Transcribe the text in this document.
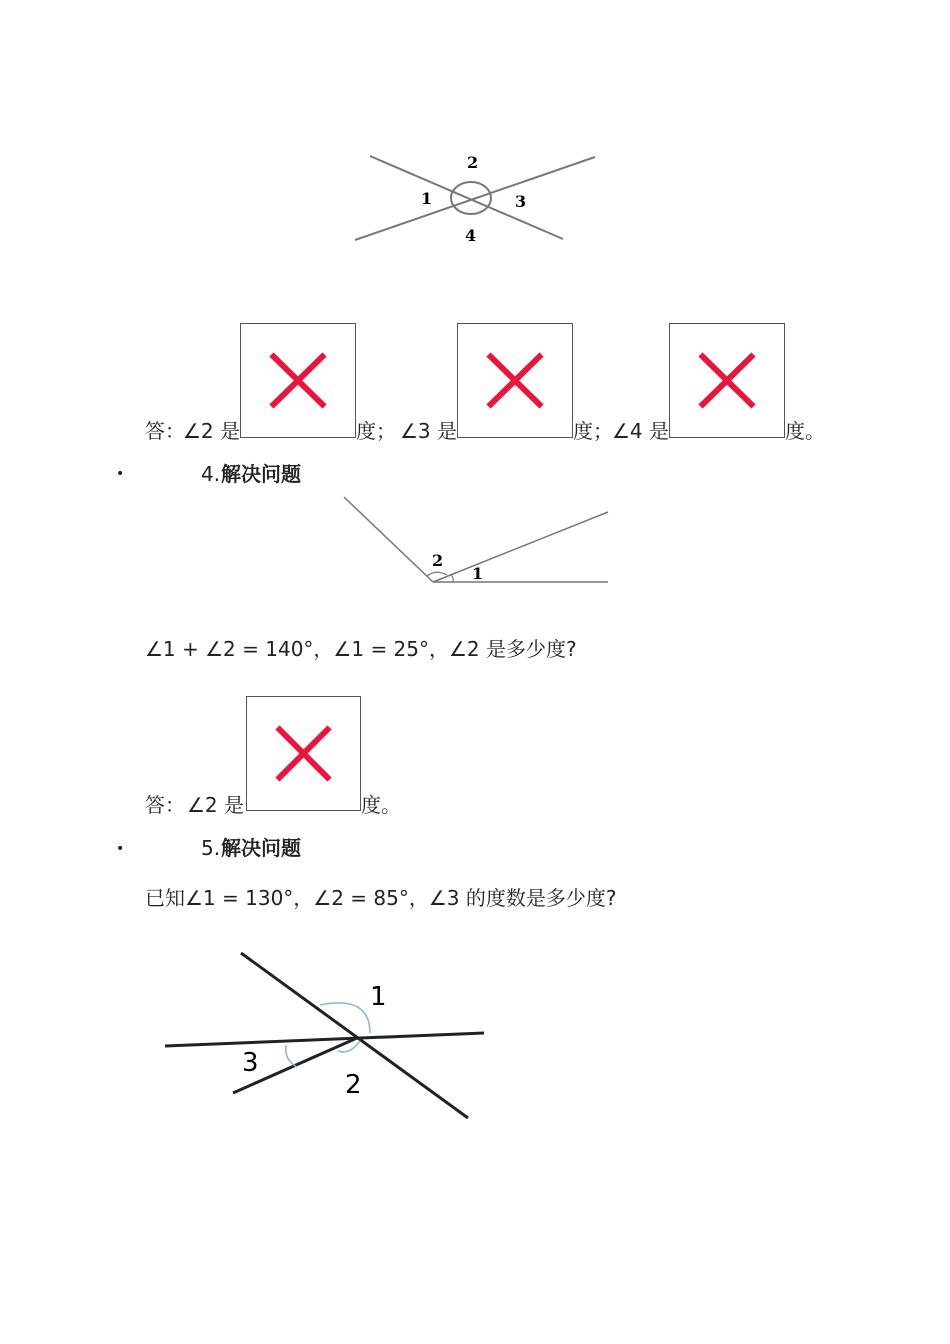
2
1	3
4
答：
∠2 是	度； ∠3 是	度； ∠4 是	度。
•	4. 解决问题
2
1
∠1 + ∠2 = 140°，∠1 = 25°，∠2 是多少度?
答： ∠2 是	度。
•	5. 解决问题
已知∠1 = 130°，∠2 = 85°，∠3 的度数是多少度?
1
3
2
